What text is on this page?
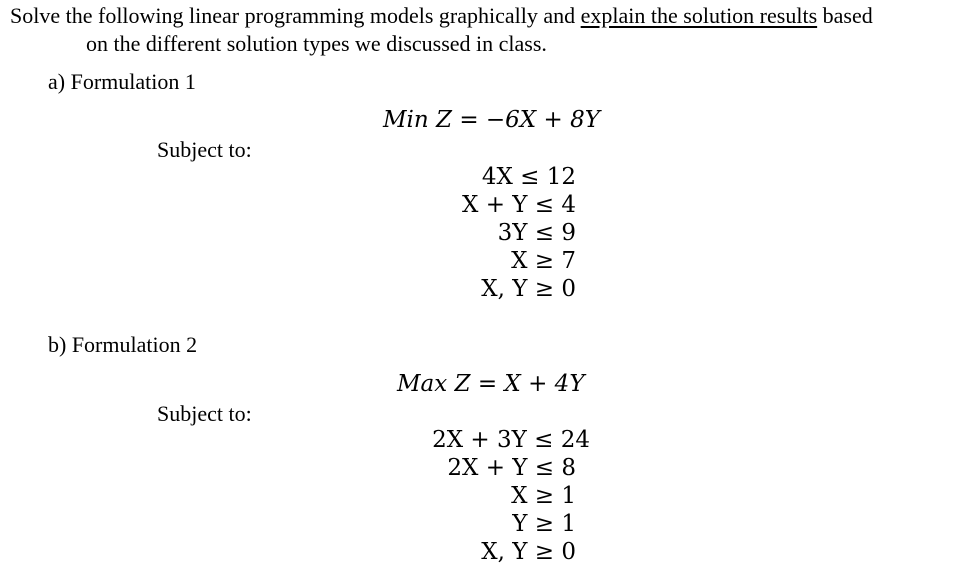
Solve the following linear programming models graphically and explain the solution results based
on the different solution types we discussed in class.
a) Formulation 1
Min Z = −6X + 8Y
Subject to:
4X ≤ 12
X + Y ≤ 4
3Y ≤ 9
X ≥ 7
X, Y ≥ 0
b) Formulation 2
Max Z = X + 4Y
Subject to:
2X + 3Y ≤ 24
2X + Y ≤ 8
X ≥ 1
Y ≥ 1
X, Y ≥ 0
